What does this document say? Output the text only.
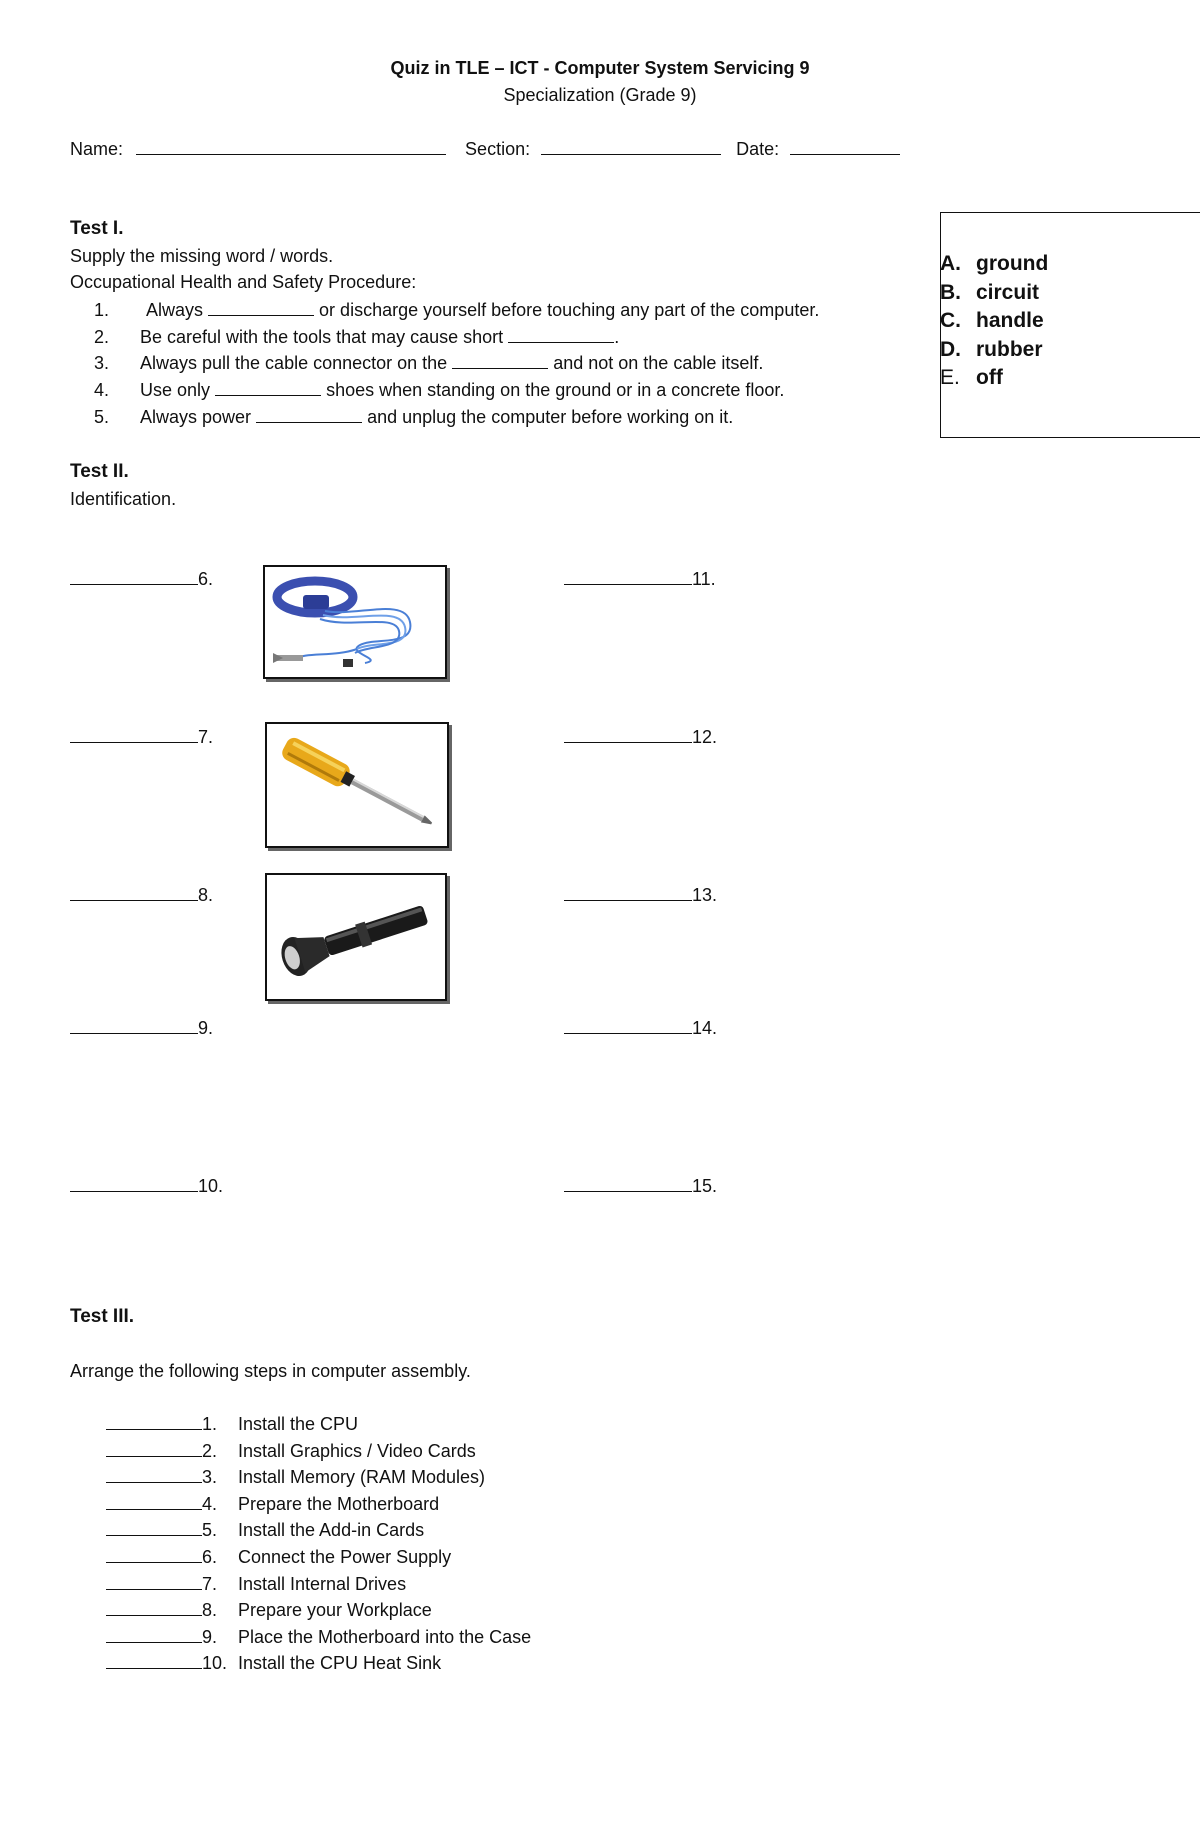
Quiz in TLE – ICT - Computer System Servicing 9
Specialization (Grade 9)
Name:	Section:	Date:
Test I.
Supply the missing word / words.
Occupational Health and Safety Procedure:
1. Always	or discharge yourself before touching any part of the computer.
2. Be careful with the tools that may cause short	.
3. Always pull the cable connector on the	and not on the cable itself.
4. Use only	shoes when standing on the ground or in a concrete floor.
5. Always power	and unplug the computer before working on it.
A. ground
B. circuit
C. handle
D. rubber
E. off
Test II.
Identification.
6.
7.
8.
9.
10.
11.
12.
13.
14.
15.
Test III.
Arrange the following steps in computer assembly.
1. Install the CPU
2. Install Graphics / Video Cards
3. Install Memory (RAM Modules)
4. Prepare the Motherboard
5. Install the Add-in Cards
6. Connect the Power Supply
7. Install Internal Drives
8. Prepare your Workplace
9. Place the Motherboard into the Case
10. Install the CPU Heat Sink
